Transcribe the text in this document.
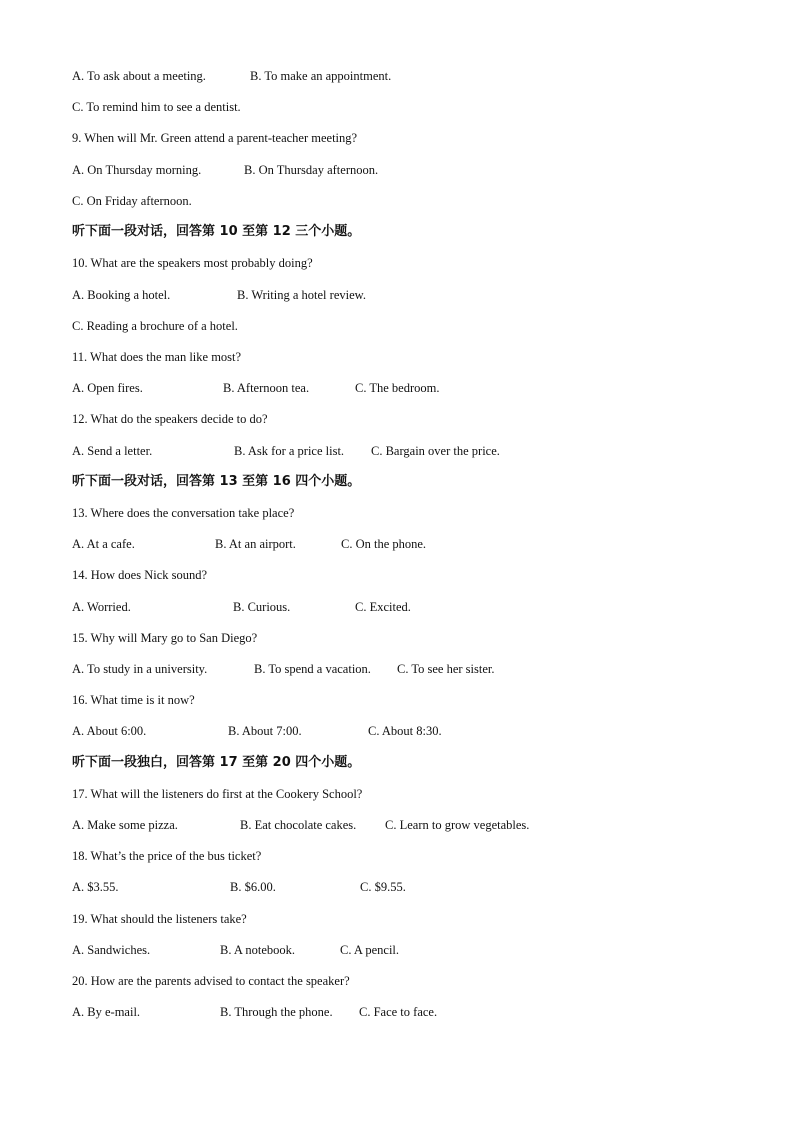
A. To ask about a meeting.	B. To make an appointment.
C. To remind him to see a dentist.
9. When will Mr. Green attend a parent-teacher meeting?
A. On Thursday morning.	B. On Thursday afternoon.
C. On Friday afternoon.
听下面一段对话，回答第 10 至第 12 三个小题。
10. What are the speakers most probably doing?
A. Booking a hotel.	B. Writing a hotel review.
C. Reading a brochure of a hotel.
11. What does the man like most?
A. Open fires.	B. Afternoon tea.	C. The bedroom.
12. What do the speakers decide to do?
A. Send a letter.	B. Ask for a price list. C. Bargain over the price.
听下面一段对话，回答第 13 至第 16 四个小题。
13. Where does the conversation take place?
A. At a cafe.	B. At an airport.	C. On the phone.
14. How does Nick sound?
A. Worried.	B. Curious.	C. Excited.
15. Why will Mary go to San Diego?
A. To study in a university.	B. To spend a vacation. C. To see her sister.
16. What time is it now?
A. About 6:00.	B. About 7:00.	C. About 8:30.
听下面一段独白，回答第 17 至第 20 四个小题。
17. What will the listeners do first at the Cookery School?
A. Make some pizza.	B. Eat chocolate cakes. C. Learn to grow vegetables.
18. What’s the price of the bus ticket?
A. $3.55.	B. $6.00.	C. $9.55.
19. What should the listeners take?
A. Sandwiches.	B. A notebook.	C. A pencil.
20. How are the parents advised to contact the speaker?
A. By e-mail.	B. Through the phone. C. Face to face.
